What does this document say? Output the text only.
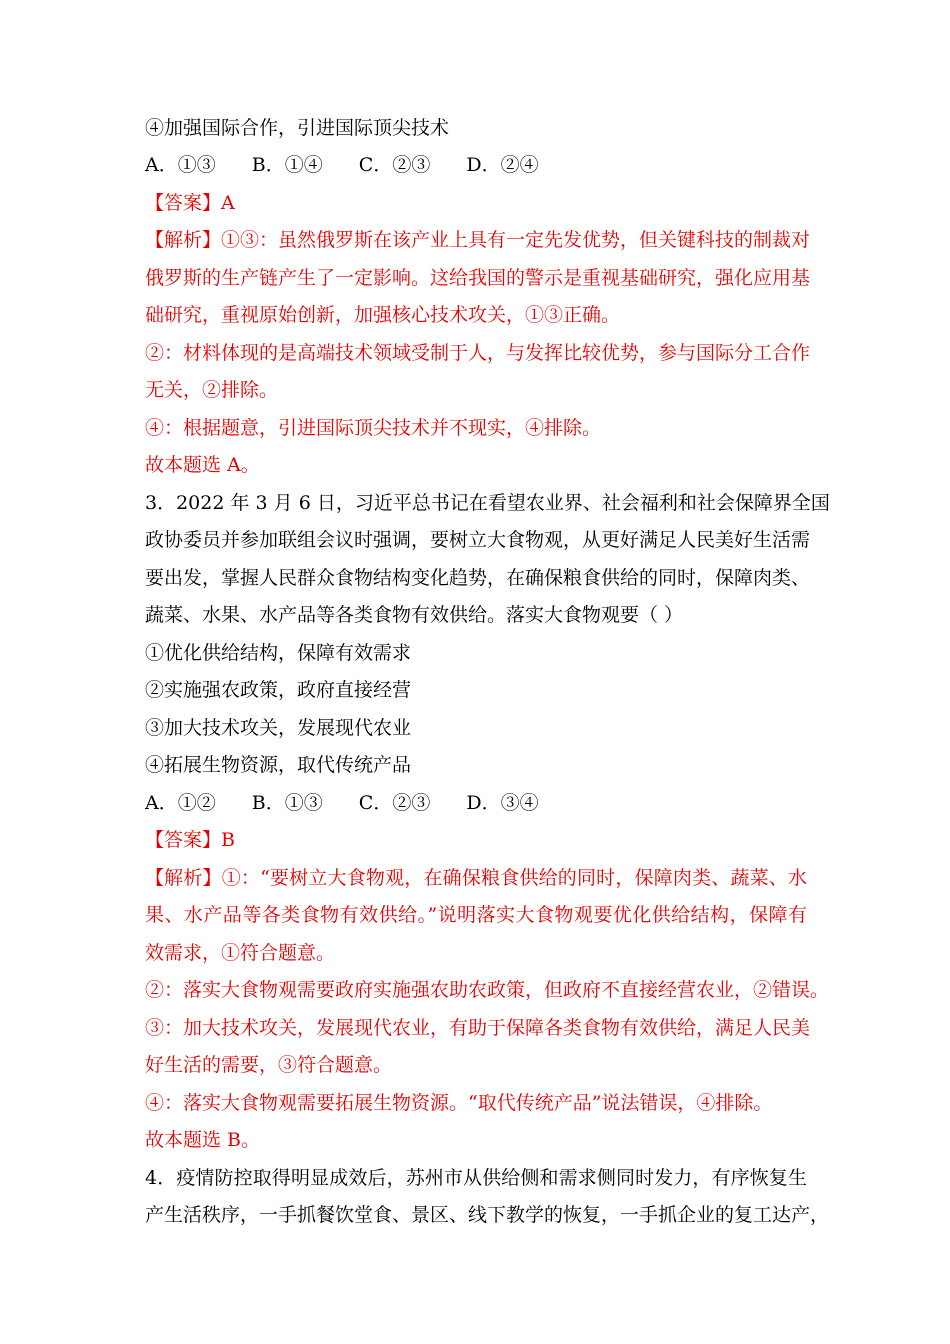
④加强国际合作，引进国际顶尖技术
A．①③ B．①④ C．②③ D．②④
【答案】A
【解析】①③：虽然俄罗斯在该产业上具有一定先发优势，但关键科技的制裁对
俄罗斯的生产链产生了一定影响。这给我国的警示是重视基础研究，强化应用基
础研究，重视原始创新，加强核心技术攻关，①③正确。
②：材料体现的是高端技术领域受制于人，与发挥比较优势，参与国际分工合作
无关，②排除。
④：根据题意，引进国际顶尖技术并不现实，④排除。
故本题选 A。
3．2022 年 3 月 6 日，习近平总书记在看望农业界、社会福利和社会保障界全国
政协委员并参加联组会议时强调，要树立大食物观，从更好满足人民美好生活需
要出发，掌握人民群众食物结构变化趋势，在确保粮食供给的同时，保障肉类、
蔬菜、水果、水产品等各类食物有效供给。落实大食物观要（ ）
①优化供给结构，保障有效需求
②实施强农政策，政府直接经营
③加大技术攻关，发展现代农业
④拓展生物资源，取代传统产品
A．①② B．①③ C．②③ D．③④
【答案】B
【解析】①：“要树立大食物观，在确保粮食供给的同时，保障肉类、蔬菜、水
果、水产品等各类食物有效供给。”说明落实大食物观要优化供给结构，保障有
效需求，①符合题意。
②：落实大食物观需要政府实施强农助农政策，但政府不直接经营农业，②错误。
③：加大技术攻关，发展现代农业，有助于保障各类食物有效供给，满足人民美
好生活的需要，③符合题意。
④：落实大食物观需要拓展生物资源。“取代传统产品”说法错误，④排除。
故本题选 B。
4．疫情防控取得明显成效后，苏州市从供给侧和需求侧同时发力，有序恢复生
产生活秩序，一手抓餐饮堂食、景区、线下教学的恢复，一手抓企业的复工达产，
